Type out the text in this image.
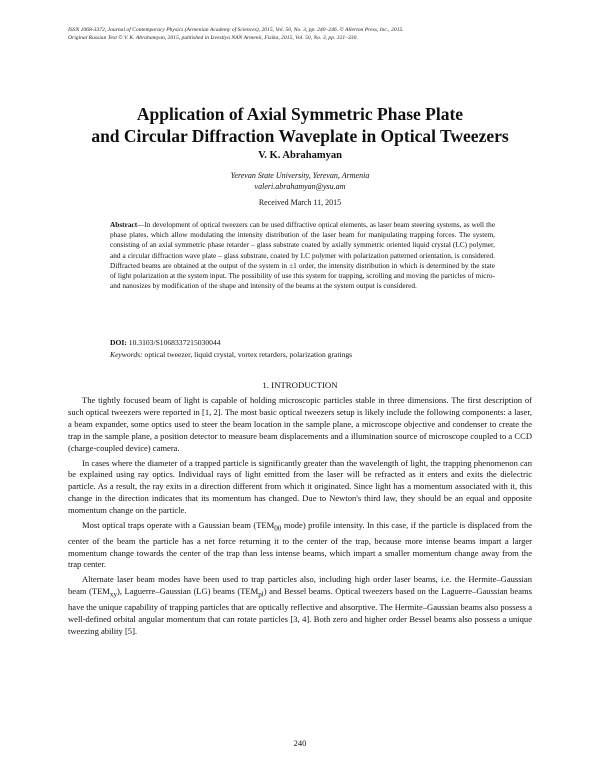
ISSN 1068-3372, Journal of Contemporary Physics (Armenian Academy of Sciences), 2015, Vol. 50, No. 3, pp. 240–246. © Allerton Press, Inc., 2015.
Original Russian Text © V. K. Abrahamyan, 2015, published in Izvestiya NAN Armenii, Fizika, 2015, Vol. 50, No. 3, pp. 321–330.
Application of Axial Symmetric Phase Plate
and Circular Diffraction Waveplate in Optical Tweezers
V. K. Abrahamyan
Yerevan State University, Yerevan, Armenia
valeri.abrahamyan@ysu.am
Received March 11, 2015
Abstract—In development of optical tweezers can be used diffractive optical elements, as laser beam steering systems, as well the phase plates, which allow modulating the intensity distribution of the laser beam for manipulating trapping forces. The system, consisting of an axial symmetric phase retarder – glass substrate coated by axially symmetric oriented liquid crystal (LC) polymer, and a circular diffraction wave plate – glass substrate, coated by LC polymer with polarization patterned orientation, is considered. Diffracted beams are obtained at the output of the system in ±1 order, the intensity distribution in which is determined by the state of light polarization at the system input. The possibility of use this system for trapping, scrolling and moving the particles of micro- and nanosizes by modification of the shape and intensity of the beams at the system output is considered.
DOI: 10.3103/S1068337215030044
Keywords: optical tweezer, liquid crystal, vortex retarders, polarization gratings
1. INTRODUCTION

The tightly focused beam of light is capable of holding microscopic particles stable in three dimensions. The first description of such optical tweezers were reported in [1, 2]. The most basic optical tweezers setup is likely include the following components: a laser, a beam expander, some optics used to steer the beam location in the sample plane, a microscope objective and condenser to create the trap in the sample plane, a position detector to measure beam displacements and a illumination source of microscope coupled to a CCD (charge-coupled device) camera.

In cases where the diameter of a trapped particle is significantly greater than the wavelength of light, the trapping phenomenon can be explained using ray optics. Individual rays of light emitted from the laser will be refracted as it enters and exits the dielectric particle. As a result, the ray exits in a direction different from which it originated. Since light has a momentum associated with it, this change in the direction indicates that its momentum has changed. Due to Newton's third law, they should be an equal and opposite momentum change on the particle.

Most optical traps operate with a Gaussian beam ($TEM_{00}$ mode) profile intensity. In this case, if the particle is displaced from the center of the beam the particle has a net force returning it to the center of the trap, because more intense beams impart a larger momentum change towards the center of the trap than less intense beams, which impart a smaller momentum change away from the trap center.

Alternate laser beam modes have been used to trap particles also, including high order laser beams, i.e. the Hermite–Gaussian beam $(TEM_{xy})$, Laguerre–Gaussian (LG) beams $(TEM_{pl})$ and Bessel beams. Optical tweezers based on the Laguerre–Gaussian beams have the unique capability of trapping particles that are optically reflective and absorptive. The Hermite–Gaussian beams also possess a well-defined orbital angular momentum that can rotate particles [3, 4]. Both zero and higher order Bessel beams also possess a unique tweezing ability [5].

240
